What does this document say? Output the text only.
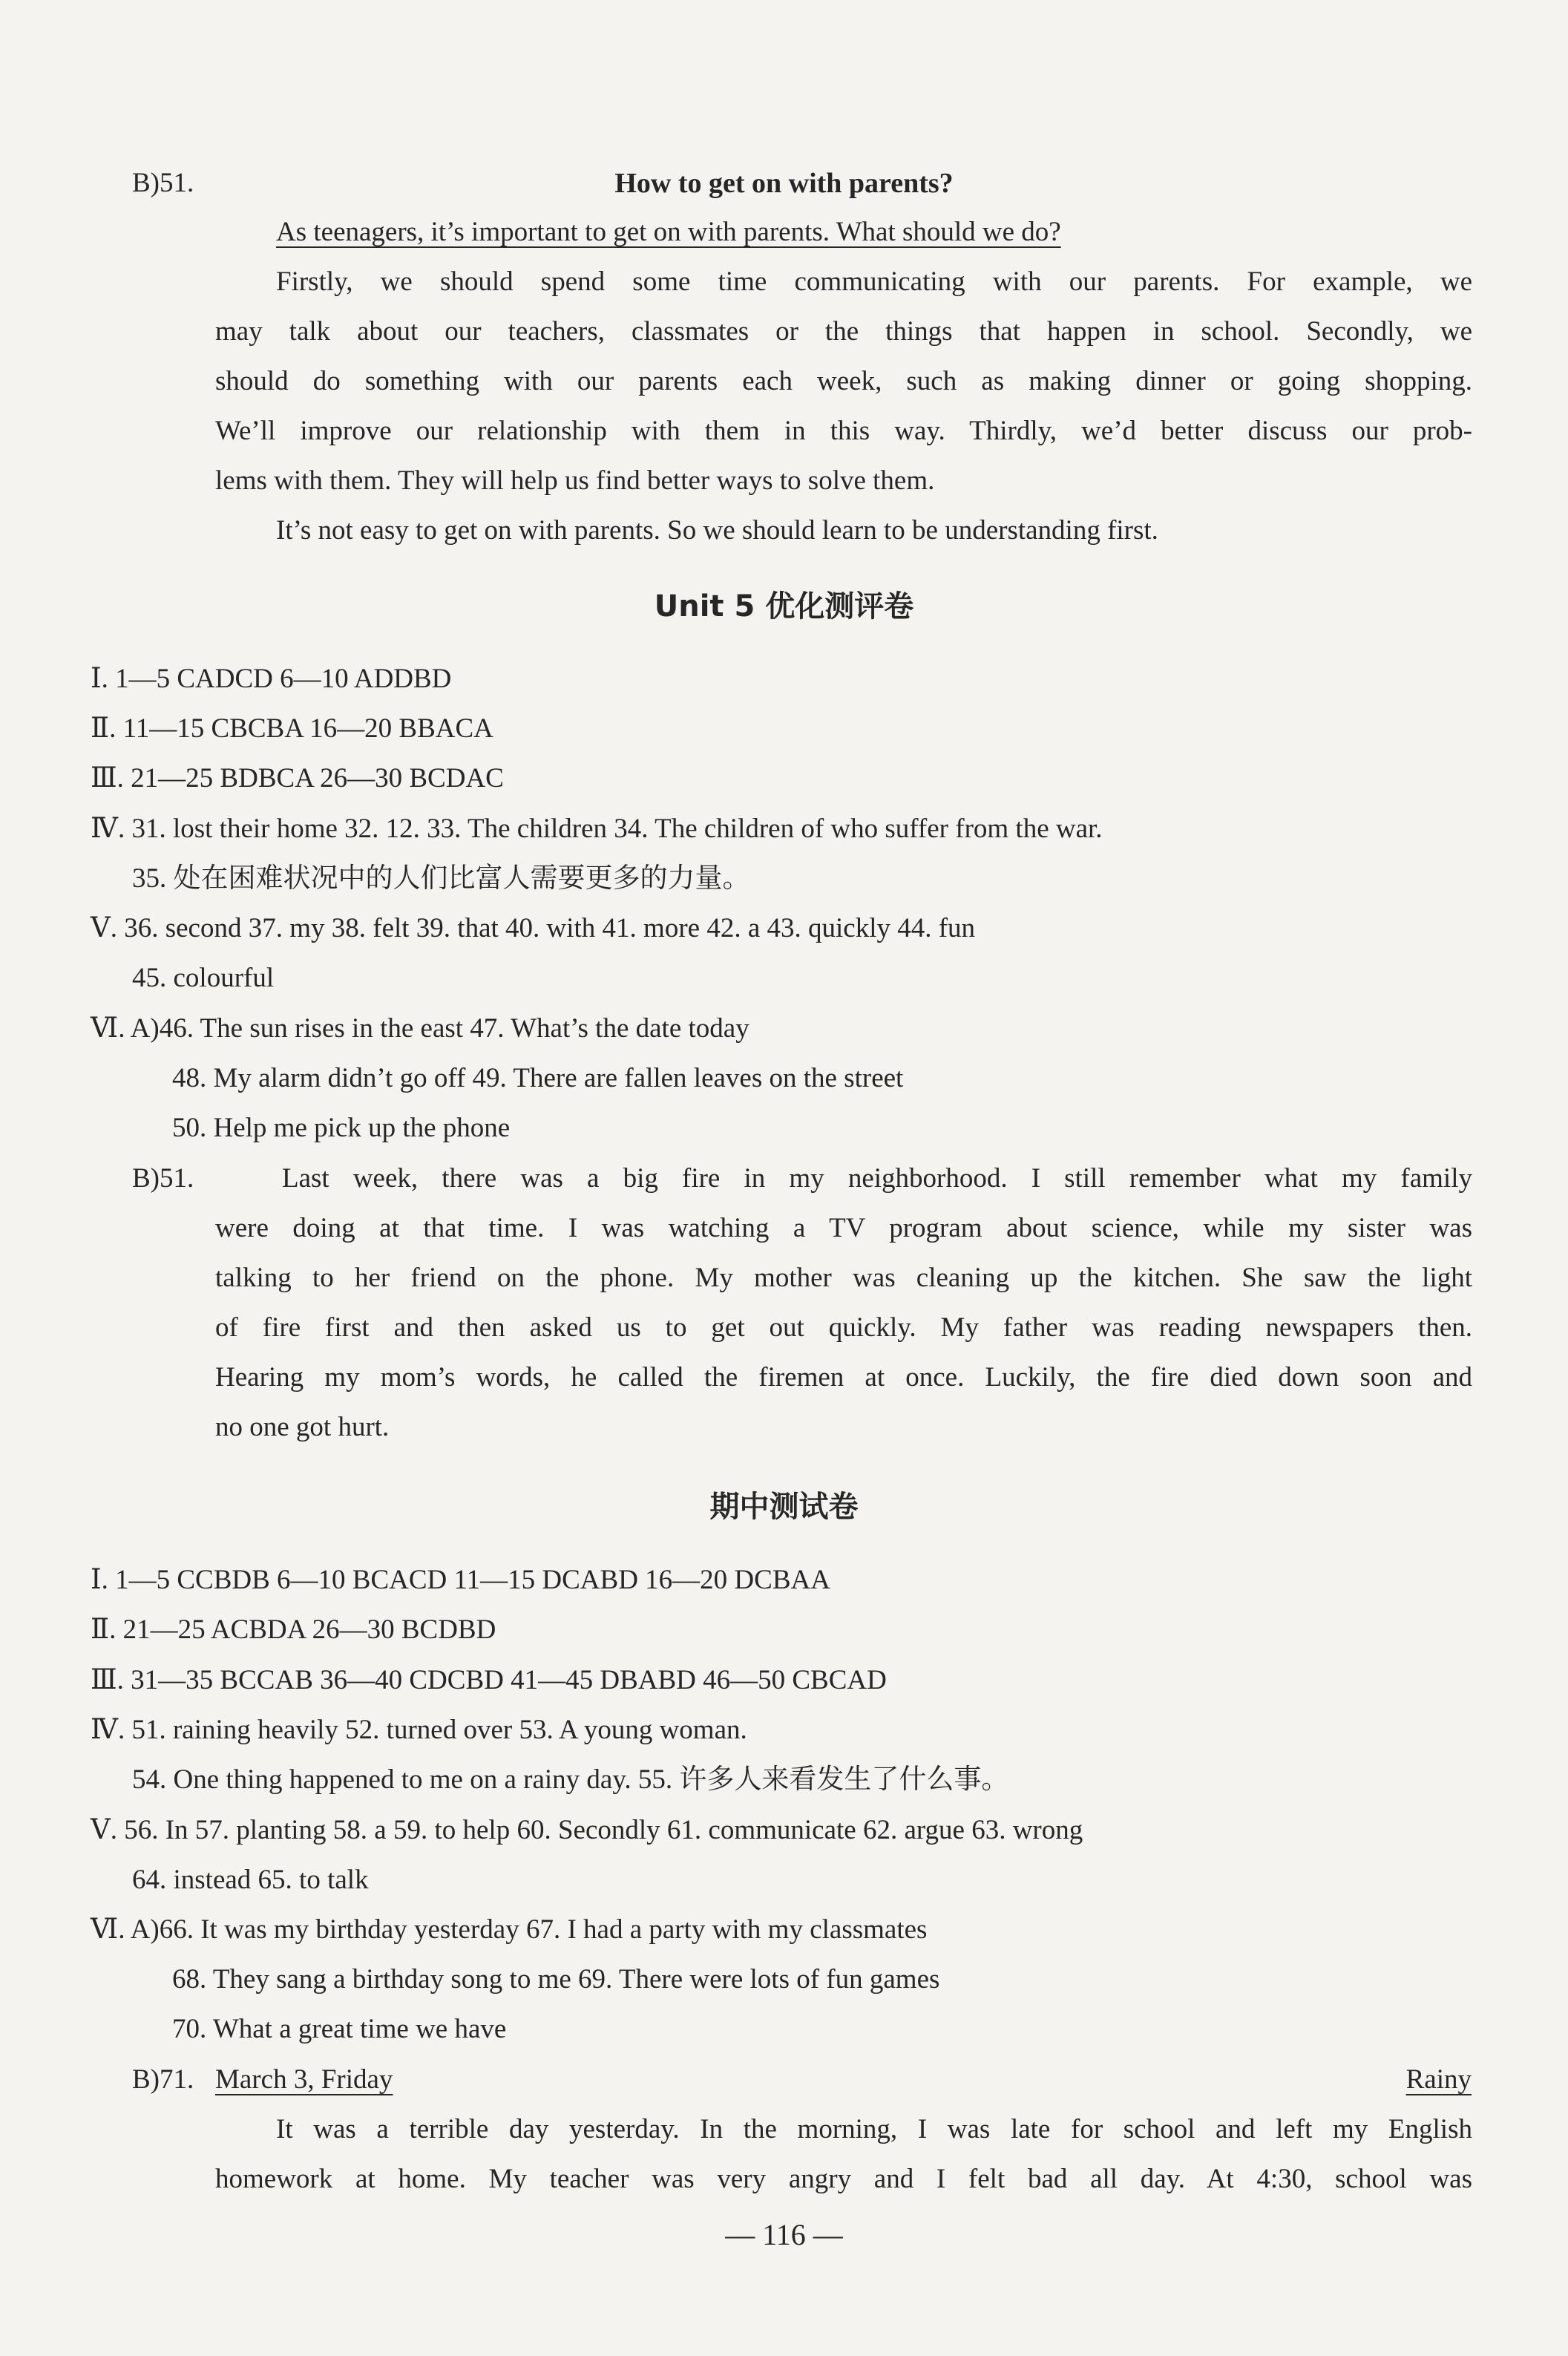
B)51.	How to get on with parents?
As teenagers, it’s important to get on with parents. What should we do?
Firstly, we should spend some time communicating with our parents. For example, we
may talk about our teachers, classmates or the things that happen in school. Secondly, we
should do something with our parents each week, such as making dinner or going shopping.
We’ll improve our relationship with them in this way. Thirdly, we’d better discuss our prob-
lems with them. They will help us find better ways to solve them.
It’s not easy to get on with parents. So we should learn to be understanding first.
Unit 5 优化测评卷
Ⅰ. 1—5 CADCD 6—10 ADDBD
Ⅱ. 11—15 CBCBA 16—20 BBACA
Ⅲ. 21—25 BDBCA 26—30 BCDAC
Ⅳ. 31. lost their home 32. 12. 33. The children 34. The children of who suffer from the war.
35. 处在困难状况中的人们比富人需要更多的力量。
Ⅴ. 36. second 37. my 38. felt 39. that 40. with 41. more 42. a 43. quickly 44. fun
45. colourful
Ⅵ. A)46. The sun rises in the east 47. What’s the date today
48. My alarm didn’t go off 49. There are fallen leaves on the street
50. Help me pick up the phone
B)51.	Last week, there was a big fire in my neighborhood. I still remember what my family
were doing at that time. I was watching a TV program about science, while my sister was
talking to her friend on the phone. My mother was cleaning up the kitchen. She saw the light
of fire first and then asked us to get out quickly. My father was reading newspapers then.
Hearing my mom’s words, he called the firemen at once. Luckily, the fire died down soon and
no one got hurt.
期中测试卷
Ⅰ. 1—5 CCBDB 6—10 BCACD 11—15 DCABD 16—20 DCBAA
Ⅱ. 21—25 ACBDA 26—30 BCDBD
Ⅲ. 31—35 BCCAB 36—40 CDCBD 41—45 DBABD 46—50 CBCAD
Ⅳ. 51. raining heavily 52. turned over 53. A young woman.
54. One thing happened to me on a rainy day. 55. 许多人来看发生了什么事。
Ⅴ. 56. In 57. planting 58. a 59. to help 60. Secondly 61. communicate 62. argue 63. wrong
64. instead 65. to talk
Ⅵ. A)66. It was my birthday yesterday 67. I had a party with my classmates
68. They sang a birthday song to me 69. There were lots of fun games
70. What a great time we have
B)71. March 3, Friday	Rainy
It was a terrible day yesterday. In the morning, I was late for school and left my English
homework at home. My teacher was very angry and I felt bad all day. At 4:30, school was
— 116 —
